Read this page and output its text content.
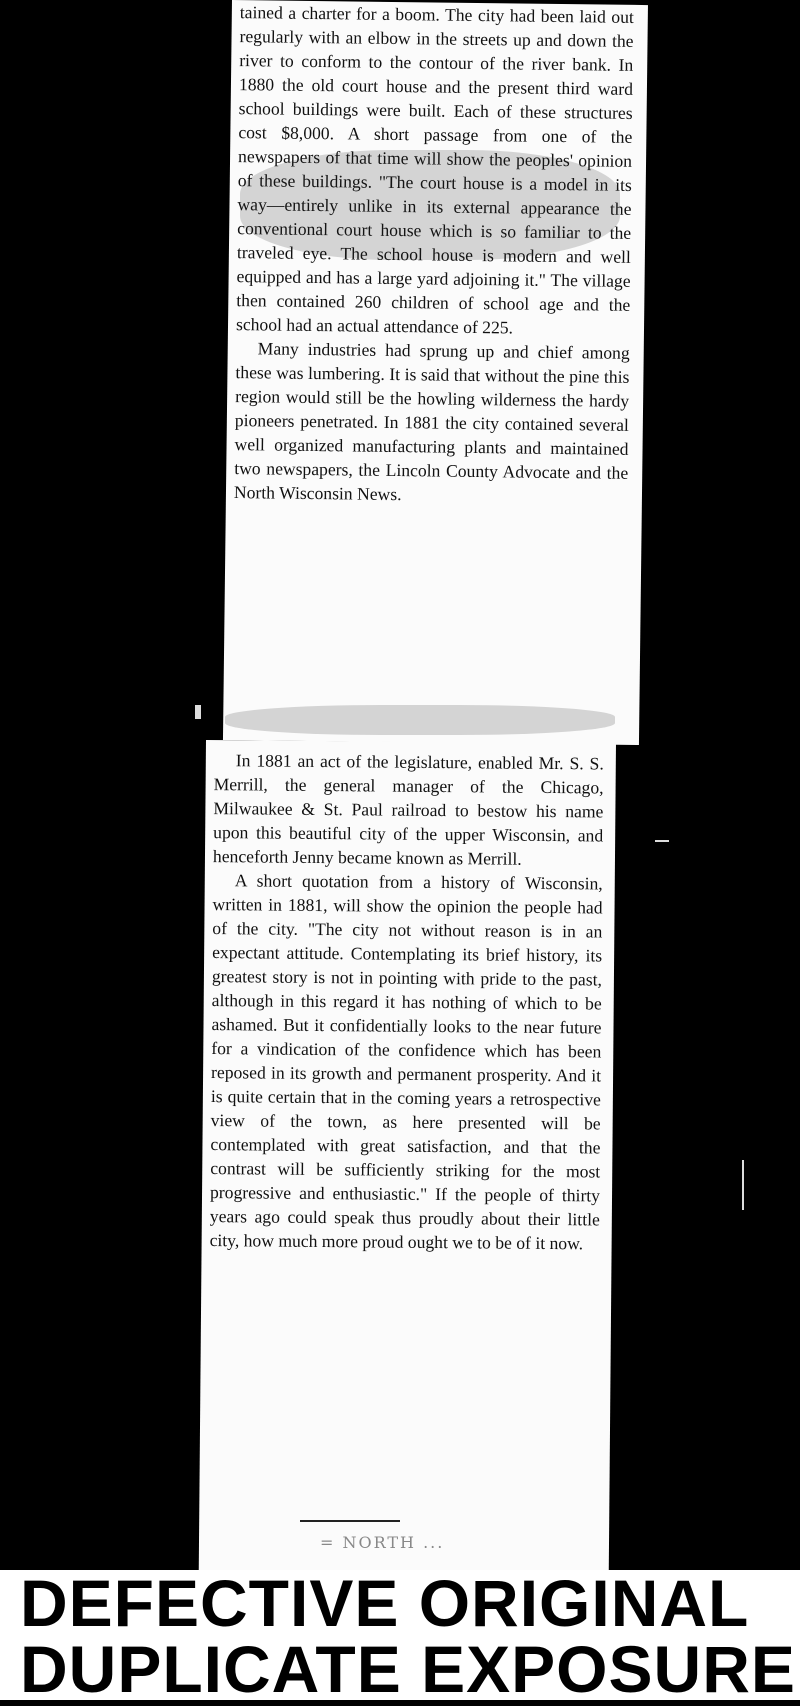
tained a charter for a boom. The city had been laid out regularly with an elbow in the streets up and down the river to conform to the contour of the river bank. In 1880 the old court house and the present third ward school buildings were built. Each of these structures cost $8,000. A short passage from one of the newspapers of that time will show the peoples' opinion of these buildings. "The court house is a model in its way—entirely unlike in its external appearance the conventional court house which is so familiar to the traveled eye. The school house is modern and well equipped and has a large yard adjoining it." The village then contained 260 children of school age and the school had an actual attendance of 225.

Many industries had sprung up and chief among these was lumbering. It is said that without the pine this region would still be the howling wilderness the hardy pioneers penetrated. In 1881 the city contained several well organized manufacturing plants and maintained two newspapers, the Lincoln County Advocate and the North Wisconsin News.

In 1881 an act of the legislature, enabled Mr. S. S. Merrill, the general manager of the Chicago, Milwaukee & St. Paul railroad to bestow his name upon this beautiful city of the upper Wisconsin, and henceforth Jenny became known as Merrill.

A short quotation from a history of Wisconsin, written in 1881, will show the opinion the people had of the city. "The city not without reason is in an expectant attitude. Contemplating its brief history, its greatest story is not in pointing with pride to the past, although in this regard it has nothing of which to be ashamed. But it confidentially looks to the near future for a vindication of the confidence which has been reposed in its growth and permanent prosperity. And it is quite certain that in the coming years a retrospective view of the town, as here presented will be contemplated with great satisfaction, and that the contrast will be sufficiently striking for the most progressive and enthusiastic." If the people of thirty years ago could speak thus proudly about their little city, how much more proud ought we to be of it now.

= NORTH ...
DEFECTIVE ORIGINAL
DUPLICATE EXPOSURE
